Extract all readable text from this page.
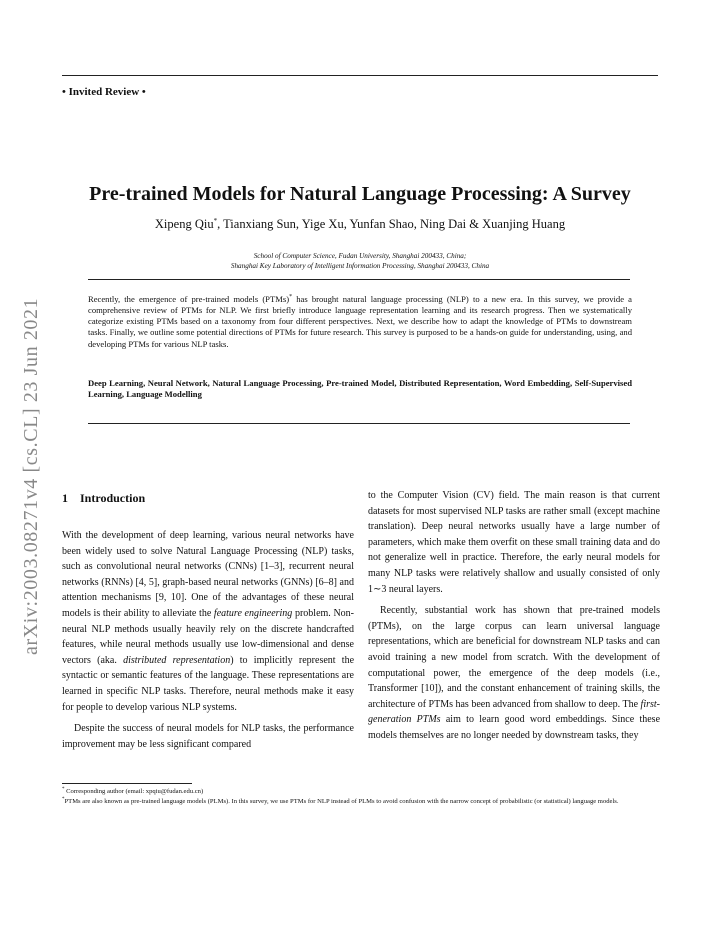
arXiv:2003.08271v4 [cs.CL] 23 Jun 2021
• Invited Review •
Pre-trained Models for Natural Language Processing: A Survey
Xipeng Qiu*, Tianxiang Sun, Yige Xu, Yunfan Shao, Ning Dai & Xuanjing Huang
School of Computer Science, Fudan University, Shanghai 200433, China;
Shanghai Key Laboratory of Intelligent Information Processing, Shanghai 200433, China
Recently, the emergence of pre-trained models (PTMs)* has brought natural language processing (NLP) to a new era. In this survey, we provide a comprehensive review of PTMs for NLP. We first briefly introduce language representation learning and its research progress. Then we systematically categorize existing PTMs based on a taxonomy from four different perspectives. Next, we describe how to adapt the knowledge of PTMs to downstream tasks. Finally, we outline some potential directions of PTMs for future research. This survey is purposed to be a hands-on guide for understanding, using, and developing PTMs for various NLP tasks.
Deep Learning, Neural Network, Natural Language Processing, Pre-trained Model, Distributed Representation, Word Embedding, Self-Supervised Learning, Language Modelling
1 Introduction

With the development of deep learning, various neural networks have been widely used to solve Natural Language Processing (NLP) tasks, such as convolutional neural networks (CNNs) [1–3], recurrent neural networks (RNNs) [4, 5], graph-based neural networks (GNNs) [6–8] and attention mechanisms [9, 10]. One of the advantages of these neural models is their ability to alleviate the feature engineering problem. Non-neural NLP methods usually heavily rely on the discrete handcrafted features, while neural methods usually use low-dimensional and dense vectors (aka. distributed representation) to implicitly represent the syntactic or semantic features of the language. These representations are learned in specific NLP tasks. Therefore, neural methods make it easy for people to develop various NLP systems.

Despite the success of neural models for NLP tasks, the performance improvement may be less significant compared

to the Computer Vision (CV) field. The main reason is that current datasets for most supervised NLP tasks are rather small (except machine translation). Deep neural networks usually have a large number of parameters, which make them overfit on these small training data and do not generalize well in practice. Therefore, the early neural models for many NLP tasks were relatively shallow and usually consisted of only 1∼3 neural layers.

Recently, substantial work has shown that pre-trained models (PTMs), on the large corpus can learn universal language representations, which are beneficial for downstream NLP tasks and can avoid training a new model from scratch. With the development of computational power, the emergence of the deep models (i.e., Transformer [10]), and the constant enhancement of training skills, the architecture of PTMs has been advanced from shallow to deep. The first-generation PTMs aim to learn good word embeddings. Since these models themselves are no longer needed by downstream tasks, they

* Corresponding author (email: xpqiu@fudan.edu.cn)
*PTMs are also known as pre-trained language models (PLMs). In this survey, we use PTMs for NLP instead of PLMs to avoid confusion with the narrow concept of probabilistic (or statistical) language models.
